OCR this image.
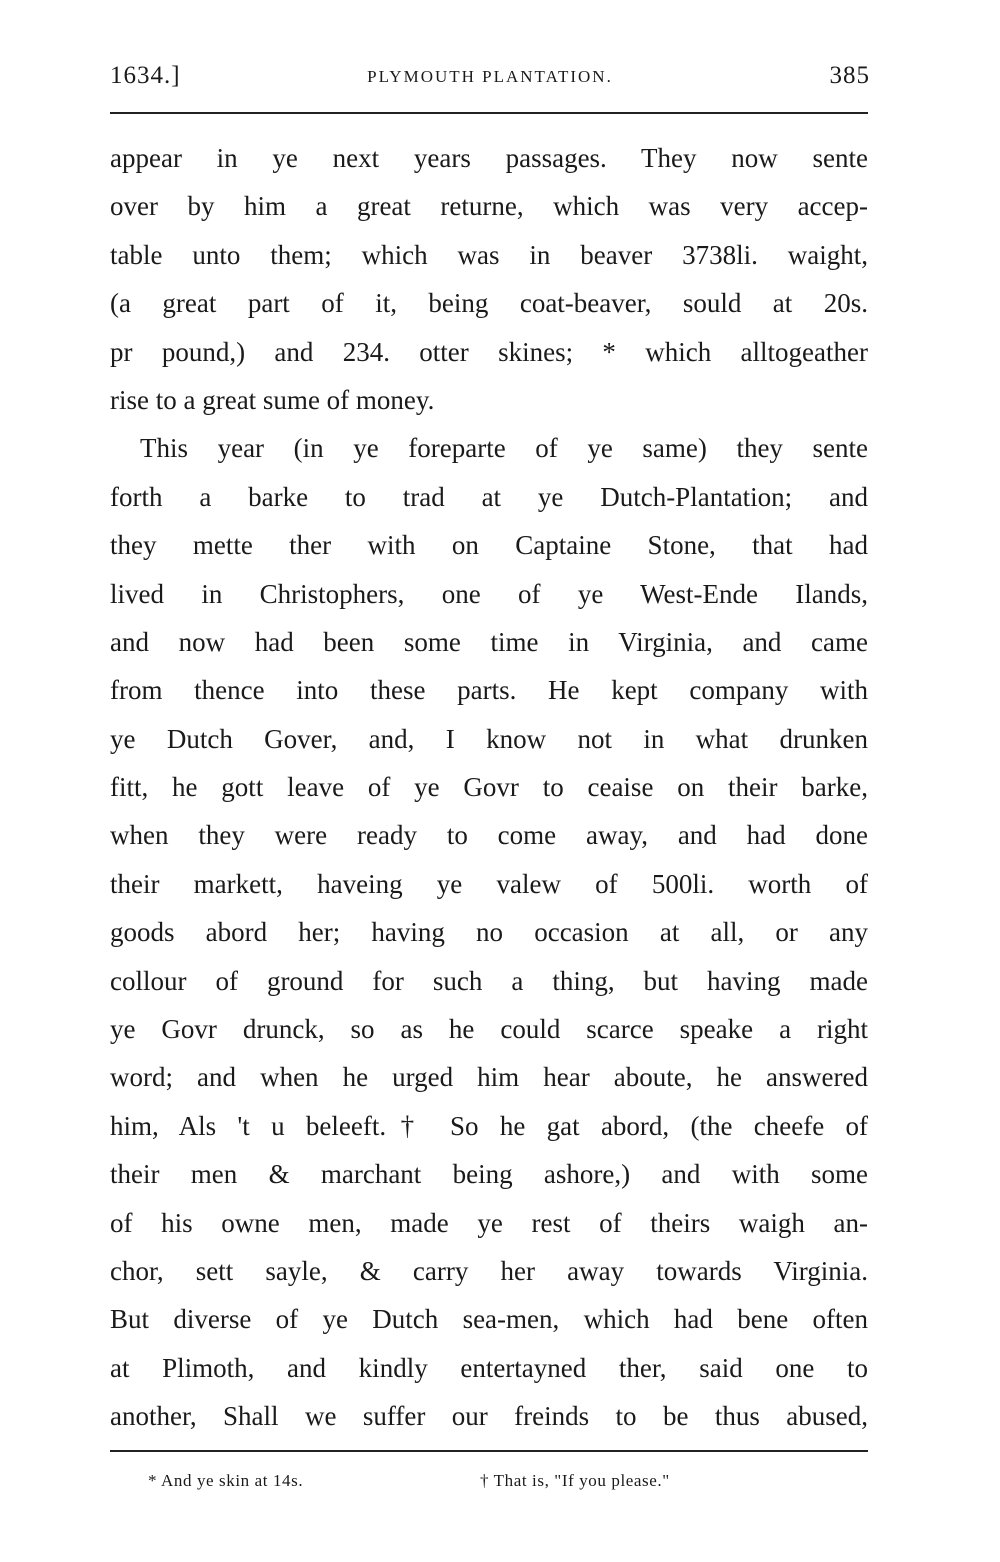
1634.]	PLYMOUTH PLANTATION.	385
appear in ye next years passages. They now sente
over by him a great returne, which was very accep-
table unto them; which was in beaver 3738li. waight,
(a great part of it, being coat-beaver, sould at 20s.
pr pound,) and 234. otter skines; * which alltogeather
rise to a great sume of money.
This year (in ye foreparte of ye same) they sente
forth a barke to trad at ye Dutch-Plantation; and
they mette ther with on Captaine Stone, that had
lived in Christophers, one of ye West-Ende Ilands,
and now had been some time in Virginia, and came
from thence into these parts. He kept company with
ye Dutch Gover, and, I know not in what drunken
fitt, he gott leave of ye Govr to ceaise on their barke,
when they were ready to come away, and had done
their markett, haveing ye valew of 500li. worth of
goods abord her; having no occasion at all, or any
collour of ground for such a thing, but having made
ye Govr drunck, so as he could scarce speake a right
word; and when he urged him hear aboute, he answered
him, Als 't u beleeft.† So he gat abord, (the cheefe of
their men & marchant being ashore,) and with some
of his owne men, made ye rest of theirs waigh an-
chor, sett sayle, & carry her away towards Virginia.
But diverse of ye Dutch sea-men, which had bene often
at Plimoth, and kindly entertayned ther, said one to
another, Shall we suffer our freinds to be thus abused,
* And ye skin at 14s.	† That is, "If you please."
